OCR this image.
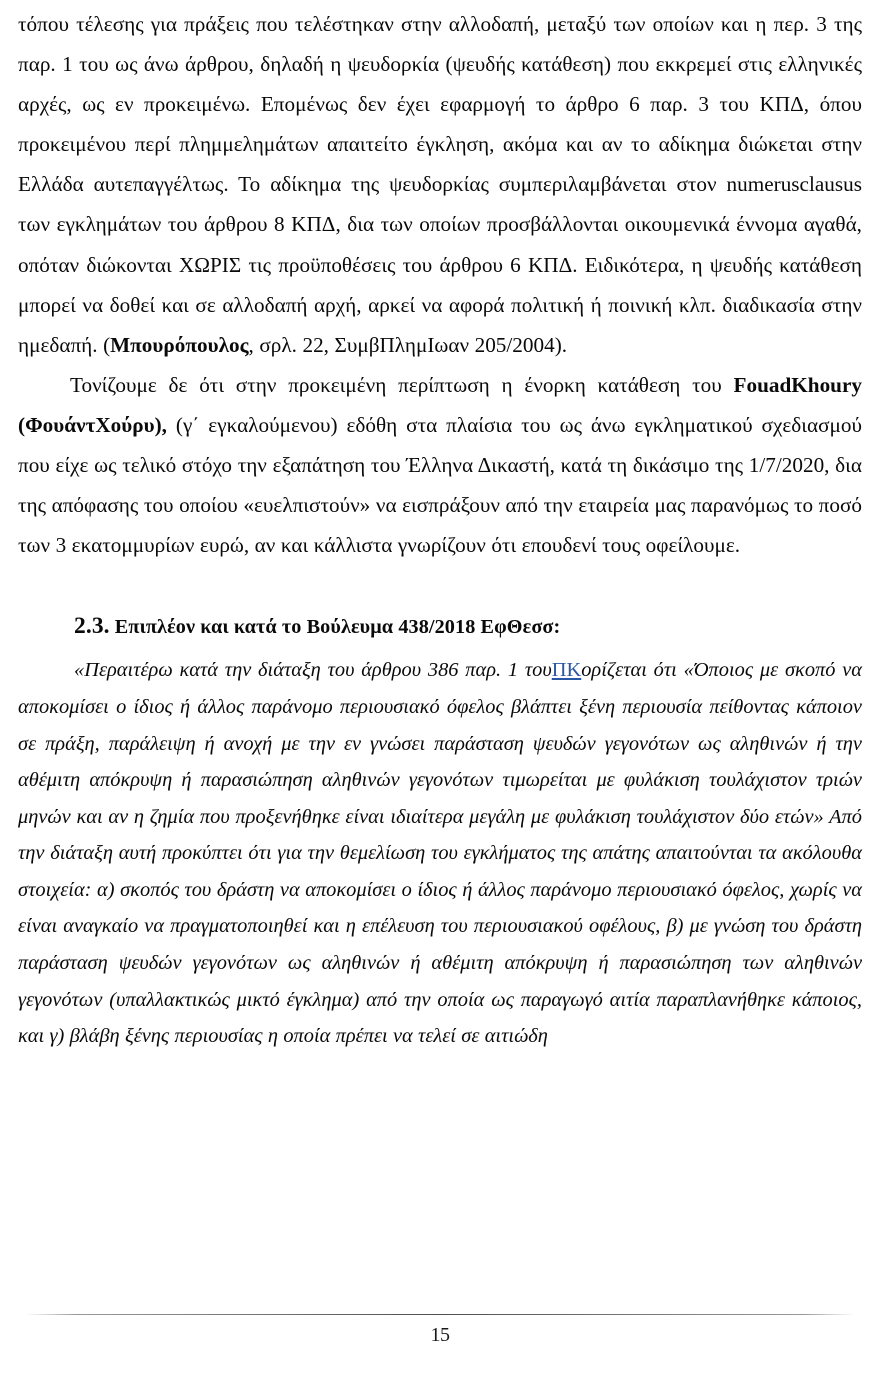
τόπου τέλεσης για πράξεις που τελέστηκαν στην αλλοδαπή, μεταξύ των οποίων και η περ. 3 της παρ. 1 του ως άνω άρθρου, δηλαδή η ψευδορκία (ψευδής κατάθεση) που εκκρεμεί στις ελληνικές αρχές, ως εν προκειμένω. Επομένως δεν έχει εφαρμογή το άρθρο 6 παρ. 3 του ΚΠΔ, όπου προκειμένου περί πλημμελημάτων απαιτείτο έγκληση, ακόμα και αν το αδίκημα διώκεται στην Ελλάδα αυτεπαγγέλτως. Το αδίκημα της ψευδορκίας συμπεριλαμβάνεται στον numerusclausus των εγκλημάτων του άρθρου 8 ΚΠΔ, δια των οποίων προσβάλλονται οικουμενικά έννομα αγαθά, οπόταν διώκονται ΧΩΡΙΣ τις προϋποθέσεις του άρθρου 6 ΚΠΔ. Ειδικότερα, η ψευδής κατάθεση μπορεί να δοθεί και σε αλλοδαπή αρχή, αρκεί να αφορά πολιτική ή ποινική κλπ. διαδικασία στην ημεδαπή. (Μπουρόπουλος, σρλ. 22, ΣυμβΠλημΙωαν 205/2004).

Τονίζουμε δε ότι στην προκειμένη περίπτωση η ένορκη κατάθεση του FouadKhoury (ΦουάντΧούρυ), (γ΄ εγκαλούμενου) εδόθη στα πλαίσια του ως άνω εγκληματικού σχεδιασμού που είχε ως τελικό στόχο την εξαπάτηση του Έλληνα Δικαστή, κατά τη δικάσιμο της 1/7/2020, δια της απόφασης του οποίου «ευελπιστούν» να εισπράξουν από την εταιρεία μας παρανόμως το ποσό των 3 εκατομμυρίων ευρώ, αν και κάλλιστα γνωρίζουν ότι επουδενί τους οφείλουμε.

2.3. Επιπλέον και κατά το Βούλευμα 438/2018 ΕφΘεσσ:

«Περαιτέρω κατά την διάταξη του άρθρου 386 παρ. 1 τουΠΚορίζεται ότι «Όποιος με σκοπό να αποκομίσει ο ίδιος ή άλλος παράνομο περιουσιακό όφελος βλάπτει ξένη περιουσία πείθοντας κάποιον σε πράξη, παράλειψη ή ανοχή με την εν γνώσει παράσταση ψευδών γεγονότων ως αληθινών ή την αθέμιτη απόκρυψη ή παρασιώπηση αληθινών γεγονότων τιμωρείται με φυλάκιση τουλάχιστον τριών μηνών και αν η ζημία που προξενήθηκε είναι ιδιαίτερα μεγάλη με φυλάκιση τουλάχιστον δύο ετών» Από την διάταξη αυτή προκύπτει ότι για την θεμελίωση του εγκλήματος της απάτης απαιτούνται τα ακόλουθα στοιχεία: α) σκοπός του δράστη να αποκομίσει ο ίδιος ή άλλος παράνομο περιουσιακό όφελος, χωρίς να είναι αναγκαίο να πραγματοποιηθεί και η επέλευση του περιουσιακού οφέλους, β) με γνώση του δράστη παράσταση ψευδών γεγονότων ως αληθινών ή αθέμιτη απόκρυψη ή παρασιώπηση των αληθινών γεγονότων (υπαλλακτικώς μικτό έγκλημα) από την οποία ως παραγωγό αιτία παραπλανήθηκε κάποιος, και γ) βλάβη ξένης περιουσίας η οποία πρέπει να τελεί σε αιτιώδη

15
